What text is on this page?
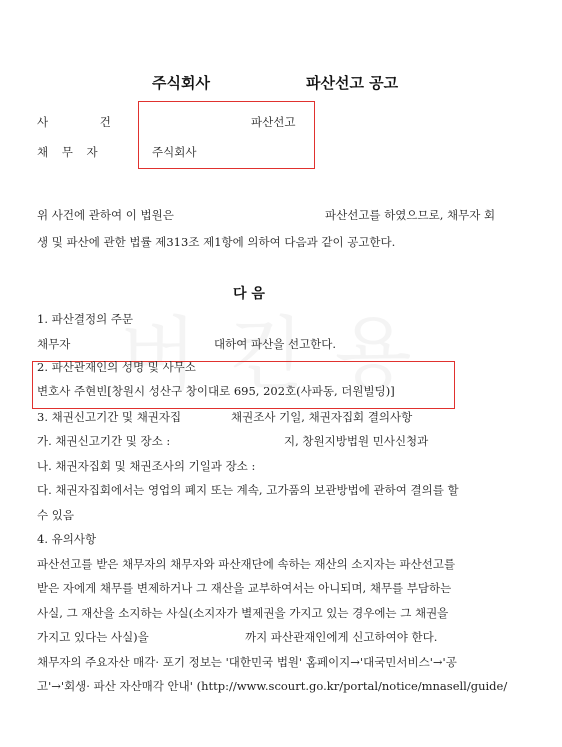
주식회사	파산선고 공고
사 건	파산선고
채 무 자	주식회사
위 사건에 관하여 이 법원은	파산선고를 하였으므로, 채무자 회
생 및 파산에 관한 법률 제313조 제1항에 의하여 다음과 같이 공고한다.
다 음
1. 파산결정의 주문
채무자	대하여 파산을 선고한다.
2. 파산관재인의 성명 및 사무소
변호사 주현빈[창원시 성산구 창이대로 695, 202호(사파동, 더원빌딩)]
3. 채권신고기간 및 채권자집	채권조사 기일, 채권자집회 결의사항
가. 채권신고기간 및 장소 :	지, 창원지방법원 민사신청과
나. 채권자집회 및 채권조사의 기일과 장소 :
다. 채권자집회에서는 영업의 폐지 또는 계속, 고가품의 보관방법에 관하여 결의를 할
수 있음
4. 유의사항
파산선고를 받은 채무자의 채무자와 파산재단에 속하는 재산의 소지자는 파산선고를
받은 자에게 채무를 변제하거나 그 재산을 교부하여서는 아니되며, 채무를 부담하는
사실, 그 재산을 소지하는 사실(소지자가 별제권을 가지고 있는 경우에는 그 채권을
가지고 있다는 사실)을	까지 파산관재인에게 신고하여야 한다.
채무자의 주요자산 매각· 포기 정보는 '대한민국 법원' 홈페이지→'대국민서비스'→'공
고'→'회생· 파산 자산매각 안내' (http://www.scourt.go.kr/portal/notice/mnasell/guide/
